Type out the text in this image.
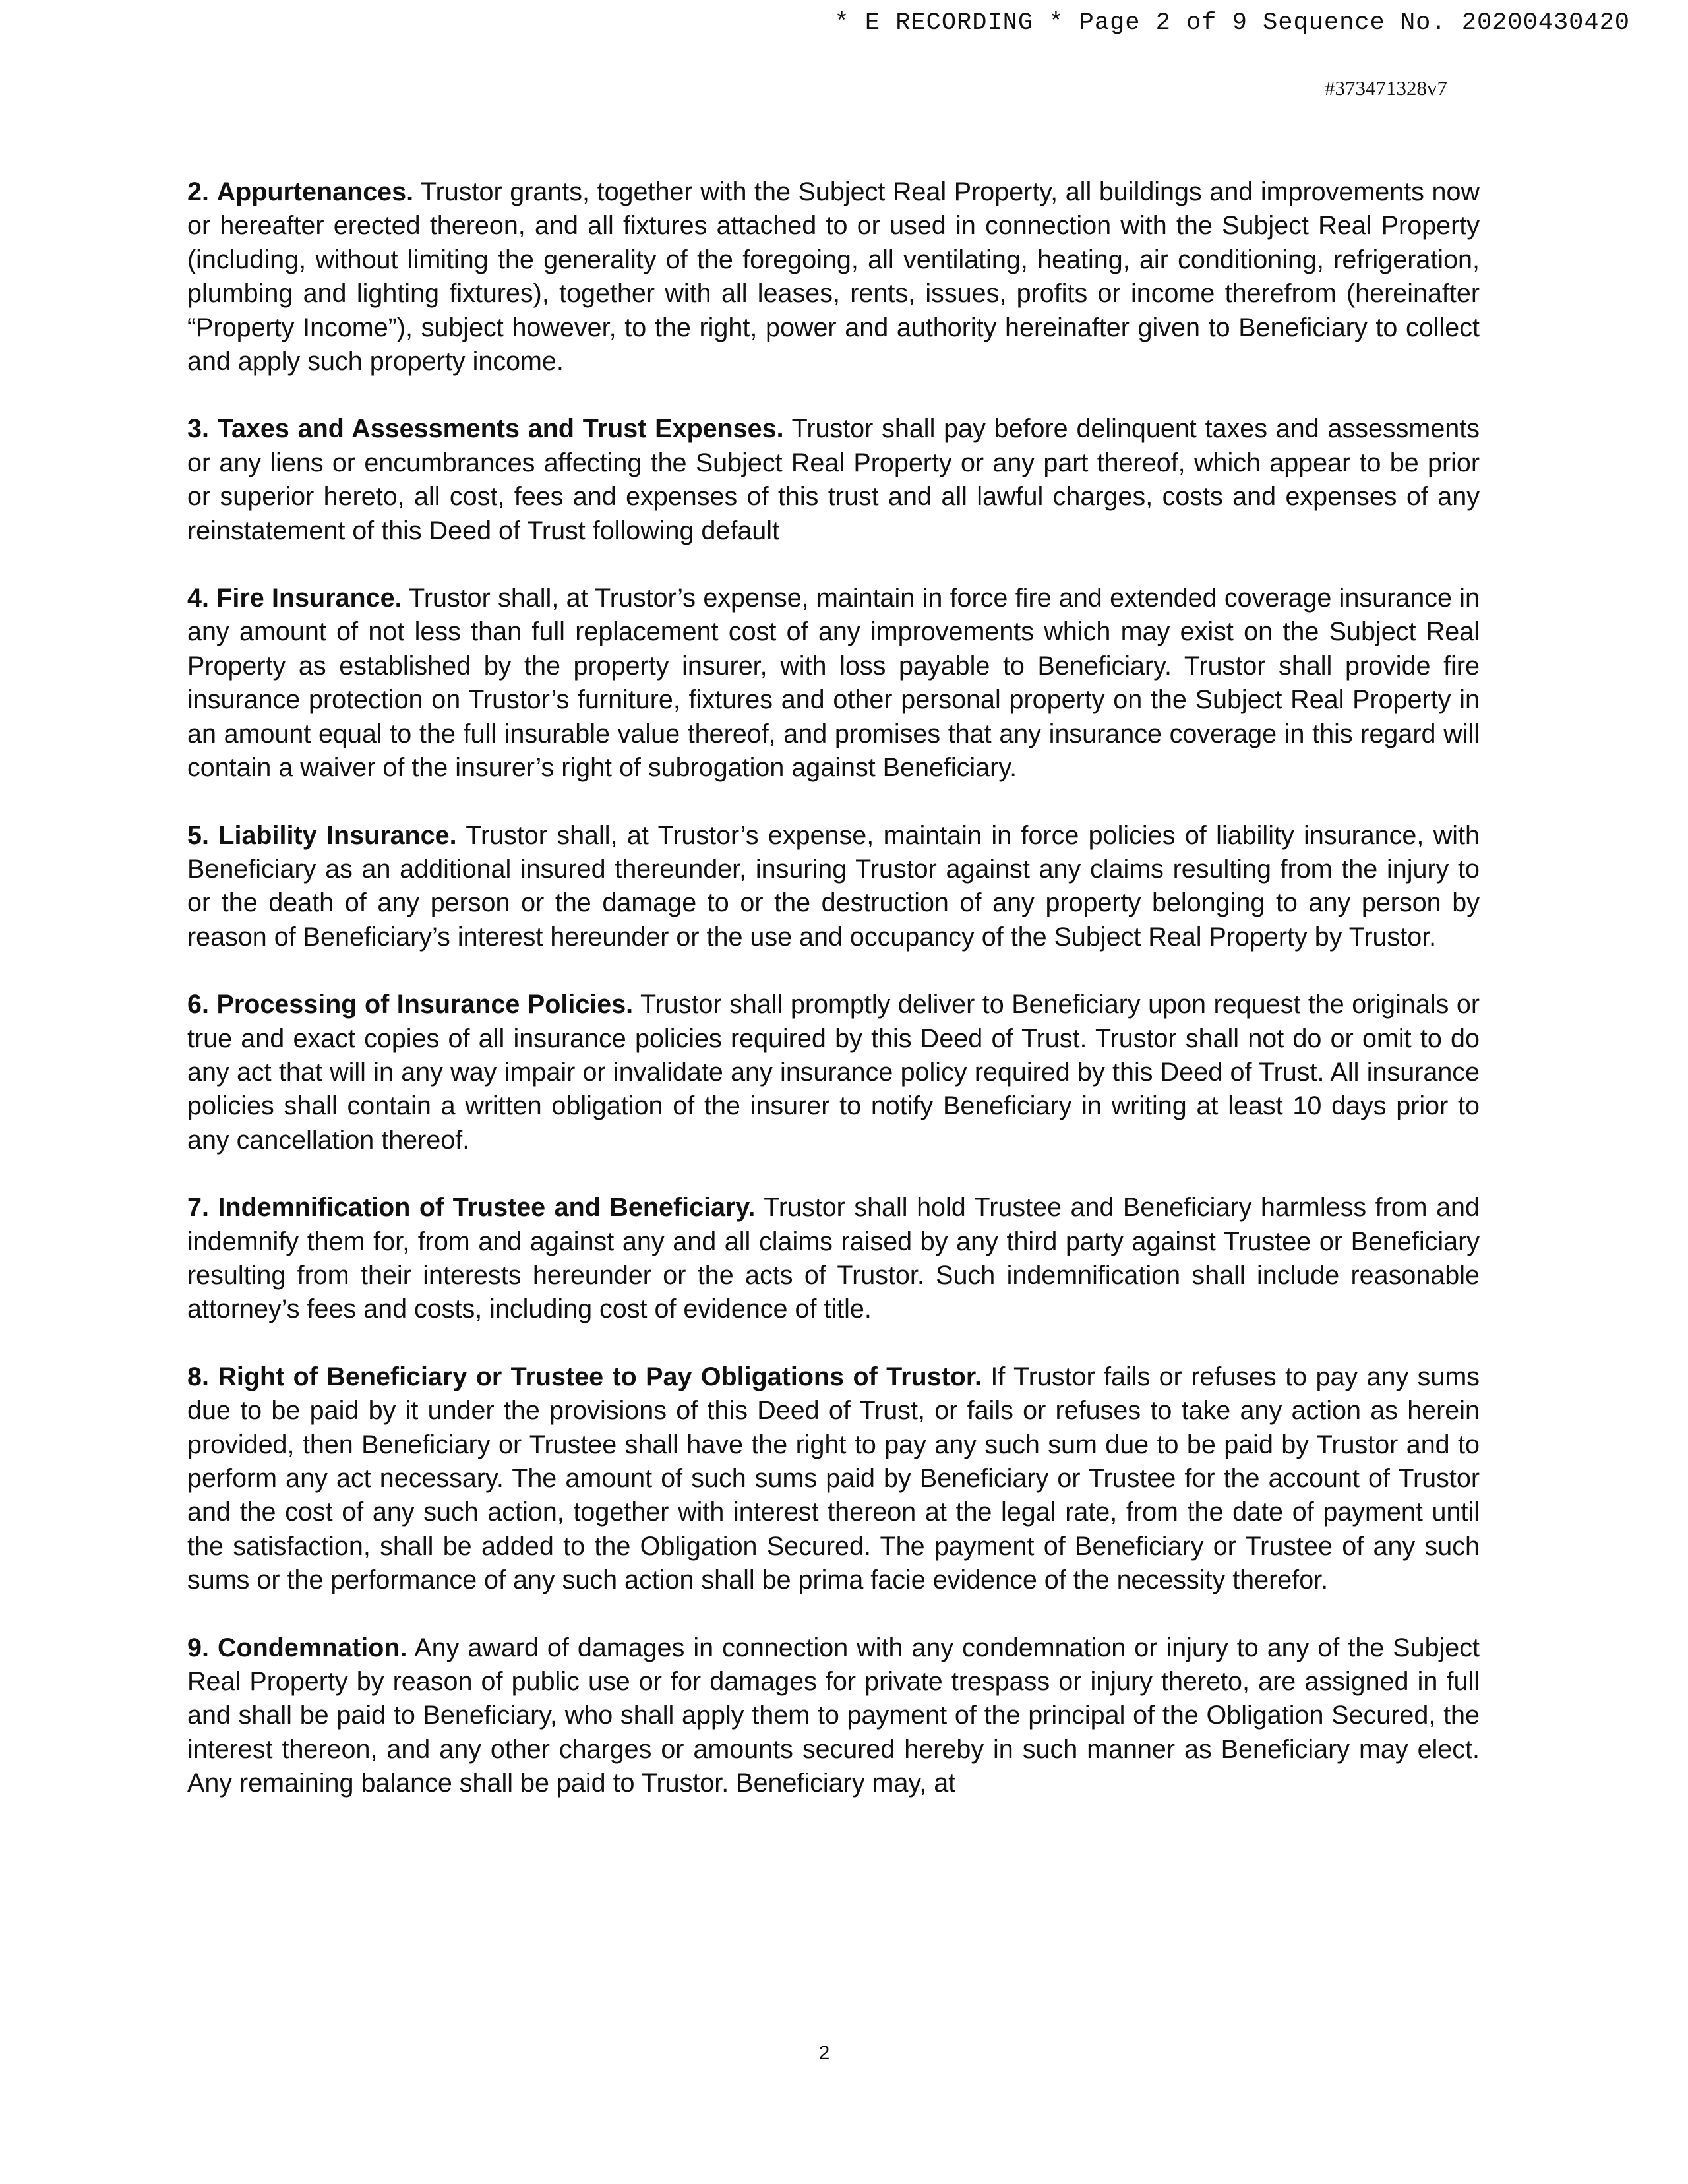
* E RECORDING * Page 2 of 9 Sequence No. 20200430420
#373471328v7

2. Appurtenances. Trustor grants, together with the Subject Real Property, all buildings and improvements now or hereafter erected thereon, and all fixtures attached to or used in connection with the Subject Real Property (including, without limiting the generality of the foregoing, all ventilating, heating, air conditioning, refrigeration, plumbing and lighting fixtures), together with all leases, rents, issues, profits or income therefrom (hereinafter “Property Income”), subject however, to the right, power and authority hereinafter given to Beneficiary to collect and apply such property income.

3. Taxes and Assessments and Trust Expenses. Trustor shall pay before delinquent taxes and assessments or any liens or encumbrances affecting the Subject Real Property or any part thereof, which appear to be prior or superior hereto, all cost, fees and expenses of this trust and all lawful charges, costs and expenses of any reinstatement of this Deed of Trust following default

4. Fire Insurance. Trustor shall, at Trustor’s expense, maintain in force fire and extended coverage insurance in any amount of not less than full replacement cost of any improvements which may exist on the Subject Real Property as established by the property insurer, with loss payable to Beneficiary. Trustor shall provide fire insurance protection on Trustor’s furniture, fixtures and other personal property on the Subject Real Property in an amount equal to the full insurable value thereof, and promises that any insurance coverage in this regard will contain a waiver of the insurer’s right of subrogation against Beneficiary.

5. Liability Insurance. Trustor shall, at Trustor’s expense, maintain in force policies of liability insurance, with Beneficiary as an additional insured thereunder, insuring Trustor against any claims resulting from the injury to or the death of any person or the damage to or the destruction of any property belonging to any person by reason of Beneficiary’s interest hereunder or the use and occupancy of the Subject Real Property by Trustor.

6. Processing of Insurance Policies. Trustor shall promptly deliver to Beneficiary upon request the originals or true and exact copies of all insurance policies required by this Deed of Trust. Trustor shall not do or omit to do any act that will in any way impair or invalidate any insurance policy required by this Deed of Trust. All insurance policies shall contain a written obligation of the insurer to notify Beneficiary in writing at least 10 days prior to any cancellation thereof.

7. Indemnification of Trustee and Beneficiary. Trustor shall hold Trustee and Beneficiary harmless from and indemnify them for, from and against any and all claims raised by any third party against Trustee or Beneficiary resulting from their interests hereunder or the acts of Trustor. Such indemnification shall include reasonable attorney’s fees and costs, including cost of evidence of title.

8. Right of Beneficiary or Trustee to Pay Obligations of Trustor. If Trustor fails or refuses to pay any sums due to be paid by it under the provisions of this Deed of Trust, or fails or refuses to take any action as herein provided, then Beneficiary or Trustee shall have the right to pay any such sum due to be paid by Trustor and to perform any act necessary. The amount of such sums paid by Beneficiary or Trustee for the account of Trustor and the cost of any such action, together with interest thereon at the legal rate, from the date of payment until the satisfaction, shall be added to the Obligation Secured. The payment of Beneficiary or Trustee of any such sums or the performance of any such action shall be prima facie evidence of the necessity therefor.

9. Condemnation. Any award of damages in connection with any condemnation or injury to any of the Subject Real Property by reason of public use or for damages for private trespass or injury thereto, are assigned in full and shall be paid to Beneficiary, who shall apply them to payment of the principal of the Obligation Secured, the interest thereon, and any other charges or amounts secured hereby in such manner as Beneficiary may elect. Any remaining balance shall be paid to Trustor. Beneficiary may, at

2
